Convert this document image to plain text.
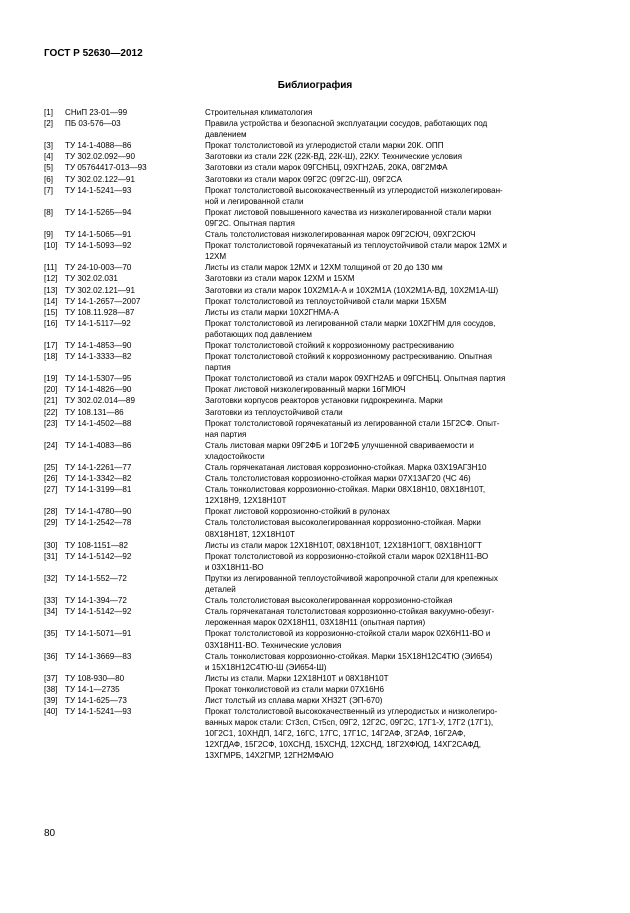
ГОСТ Р 52630—2012
Библиография
[1]	СНиП 23-01—99	Строительная климатология
[2]	ПБ 03-576—03	Правила устройства и безопасной эксплуатации сосудов, работающих под
давлением
[3]	ТУ 14-1-4088—86	Прокат толстолистовой из углеродистой стали марки 20К. ОПП
[4]	ТУ 302.02.092—90	Заготовки из стали 22К (22К-ВД, 22К-Ш), 22КУ. Технические условия
[5]	ТУ 05764417-013—93	Заготовки из стали марок 09ГСНБЦ, 09ХГН2АБ, 20КА, 08Г2МФА
[6]	ТУ 302.02.122—91	Заготовки из стали марок 09Г2С (09Г2С-Ш), 09Г2СА
[7]	ТУ 14-1-5241—93	Прокат толстолистовой высококачественный из углеродистой низколегирован-
ной и легированной стали
[8]	ТУ 14-1-5265—94	Прокат листовой повышенного качества из низколегированной стали марки
09Г2С. Опытная партия
[9]	ТУ 14-1-5065—91	Сталь толстолистовая низколегированная марок 09Г2СЮЧ, 09ХГ2СЮЧ
[10] ТУ 14-1-5093—92	Прокат толстолистовой горячекатаный из теплоустойчивой стали марок 12МХ и
12ХМ
[11] ТУ 24-10-003—70	Листы из стали марок 12МХ и 12ХМ толщиной от 20 до 130 мм
[12] ТУ 302.02.031	Заготовки из стали марок 12ХМ и 15ХМ
[13] ТУ 302.02.121—91	Заготовки из стали марок 10Х2М1А-А и 10Х2М1А (10Х2М1А-ВД, 10Х2М1А-Ш)
[14] ТУ 14-1-2657—2007	Прокат толстолистовой из теплоустойчивой стали марки 15Х5М
[15] ТУ 108.11.928—87	Листы из стали марки 10Х2ГНМА-А
[16] ТУ 14-1-5117—92	Прокат толстолистовой из легированной стали марки 10Х2ГНМ для сосудов,
работающих под давлением
[17] ТУ 14-1-4853—90	Прокат толстолистовой стойкий к коррозионному растрескиванию
[18] ТУ 14-1-3333—82	Прокат толстолистовой стойкий к коррозионному растрескиванию. Опытная
партия
[19] ТУ 14-1-5307—95	Прокат толстолистовой из стали марок 09ХГН2АБ и 09ГСНБЦ. Опытная партия
[20] ТУ 14-1-4826—90	Прокат листовой низколегированный марки 16ГМЮЧ
[21] ТУ 302.02.014—89	Заготовки корпусов реакторов установки гидрокрекинга. Марки
[22] ТУ 108.131—86	Заготовки из теплоустойчивой стали
[23] ТУ 14-1-4502—88	Прокат толстолистовой горячекатаный из легированной стали 15Г2СФ. Опыт-
ная партия
[24] ТУ 14-1-4083—86	Сталь листовая марки 09Г2ФБ и 10Г2ФБ улучшенной свариваемости и
хладостойкости
[25] ТУ 14-1-2261—77	Сталь горячекатаная листовая коррозионно-стойкая. Марка 03Х19АГ3Н10
[26] ТУ 14-1-3342—82	Сталь толстолистовая коррозионно-стойкая марки 07Х13АГ20 (ЧС 46)
[27] ТУ 14-1-3199—81	Сталь тонколистовая коррозионно-стойкая. Марки 08Х18Н10, 08Х18Н10Т,
12Х18Н9, 12Х18Н10Т
[28] ТУ 14-1-4780—90	Прокат листовой коррозионно-стойкий в рулонах
[29] ТУ 14-1-2542—78	Сталь толстолистовая высоколегированная коррозионно-стойкая. Марки
08Х18Н18Т, 12Х18Н10Т
[30] ТУ 108-1151—82	Листы из стали марок 12Х18Н10Т, 08Х18Н10Т, 12Х18Н10ГТ, 08Х18Н10ГТ
[31] ТУ 14-1-5142—92	Прокат толстолистовой из коррозионно-стойкой стали марок 02Х18Н11-ВО
и 03Х18Н11-ВО
[32] ТУ 14-1-552—72	Прутки из легированной теплоустойчивой жаропрочной стали для крепежных
деталей
[33] ТУ 14-1-394—72	Сталь толстолистовая высоколегированная коррозионно-стойкая
[34] ТУ 14-1-5142—92	Сталь горячекатаная толстолистовая коррозионно-стойкая вакуумно-обезуг-
лероженная марок 02Х18Н11, 03Х18Н11 (опытная партия)
[35] ТУ 14-1-5071—91	Прокат толстолистовой из коррозионно-стойкой стали марок 02Х6Н11-ВО и
03Х18Н11-ВО. Технические условия
[36] ТУ 14-1-3669—83	Сталь тонколистовая коррозионно-стойкая. Марки 15Х18Н12С4ТЮ (ЭИ654)
и 15Х18Н12С4ТЮ-Ш (ЭИ654-Ш)
[37] ТУ 108-930—80	Листы из стали. Марки 12Х18Н10Т и 08Х18Н10Т
[38] ТУ 14-1—2735	Прокат тонколистовой из стали марки 07Х16Н6
[39] ТУ 14-1-625—73	Лист толстый из сплава марки ХН32Т (ЭП-670)
[40] ТУ 14-1-5241—93	Прокат толстолистовой высококачественный из углеродистых и низколегиро-
ванных марок стали: Ст3сп, Ст5сп, 09Г2, 12Г2С, 09Г2С, 17Г1-У, 17Г2 (17Г1),
10Г2С1, 10ХНДП, 14Г2, 16ГС, 17ГС, 17Г1С, 14Г2АФ, 3Г2АФ, 16Г2АФ,
12ХГДАФ, 15Г2СФ, 10ХСНД, 15ХСНД, 12ХСНД, 18Г2ХФЮД, 14ХГ2САФД,
13ХГМРБ, 14Х2ГМР, 12ГН2МФАЮ
80
